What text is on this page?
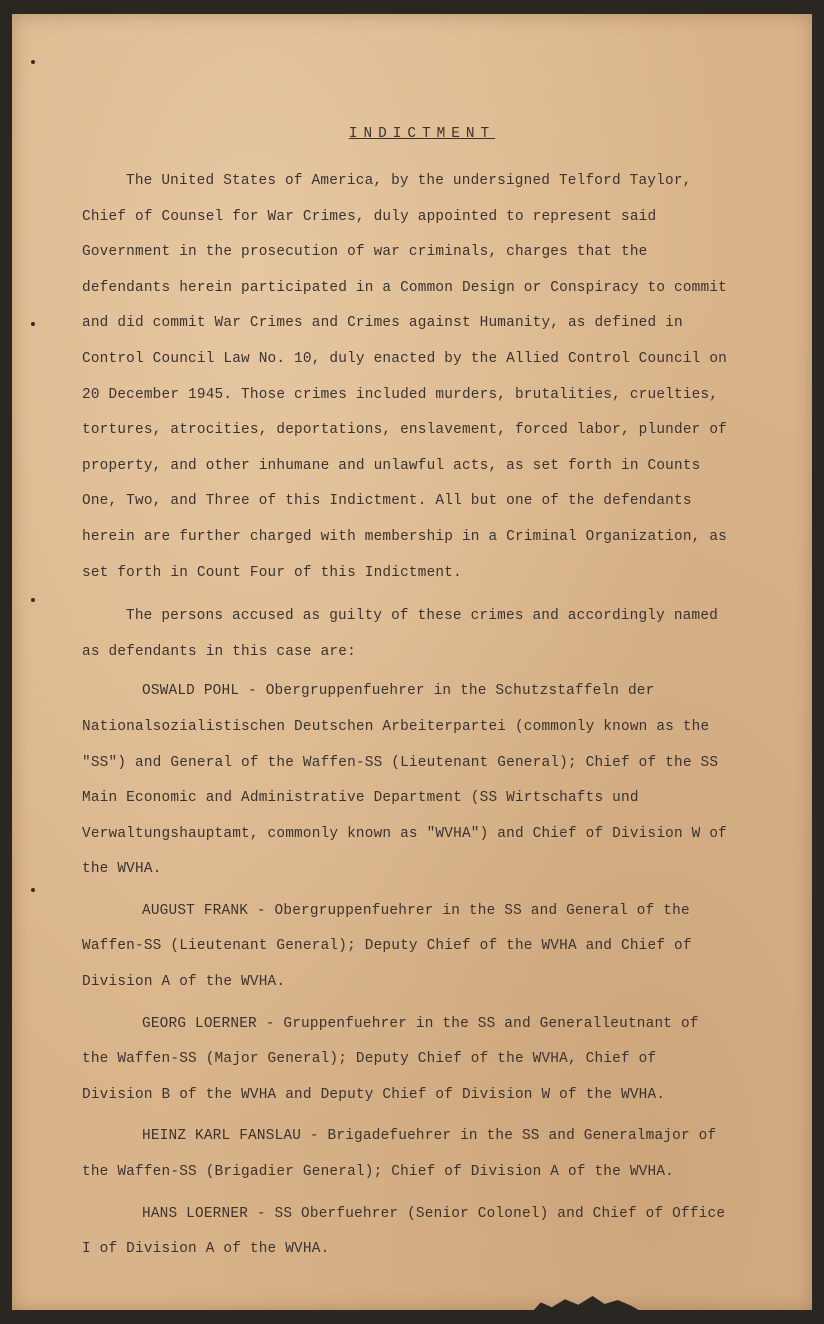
INDICTMENT

The United States of America, by the undersigned Telford Taylor, Chief of Counsel for War Crimes, duly appointed to represent said Government in the prosecution of war criminals, charges that the defendants herein participated in a Common Design or Conspiracy to commit and did commit War Crimes and Crimes against Humanity, as defined in Control Council Law No. 10, duly enacted by the Allied Control Council on 20 December 1945. Those crimes included murders, brutalities, cruelties, tortures, atrocities, deportations, enslavement, forced labor, plunder of property, and other inhumane and unlawful acts, as set forth in Counts One, Two, and Three of this Indictment. All but one of the defendants herein are further charged with membership in a Criminal Organization, as set forth in Count Four of this Indictment.

The persons accused as guilty of these crimes and accordingly named as defendants in this case are:

OSWALD POHL - Obergruppenfuehrer in the Schutzstaffeln der Nationalsozialistischen Deutschen Arbeiterpartei (commonly known as the "SS") and General of the Waffen-SS (Lieutenant General); Chief of the SS Main Economic and Administrative Department (SS Wirtschafts und Verwaltungshauptamt, commonly known as "WVHA") and Chief of Division W of the WVHA.

AUGUST FRANK - Obergruppenfuehrer in the SS and General of the Waffen-SS (Lieutenant General); Deputy Chief of the WVHA and Chief of Division A of the WVHA.

GEORG LOERNER - Gruppenfuehrer in the SS and Generalleutnant of the Waffen-SS (Major General); Deputy Chief of the WVHA, Chief of Division B of the WVHA and Deputy Chief of Division W of the WVHA.

HEINZ KARL FANSLAU - Brigadefuehrer in the SS and Generalmajor of the Waffen-SS (Brigadier General); Chief of Division A of the WVHA.

HANS LOERNER - SS Oberfuehrer (Senior Colonel) and Chief of Office I of Division A of the WVHA.
